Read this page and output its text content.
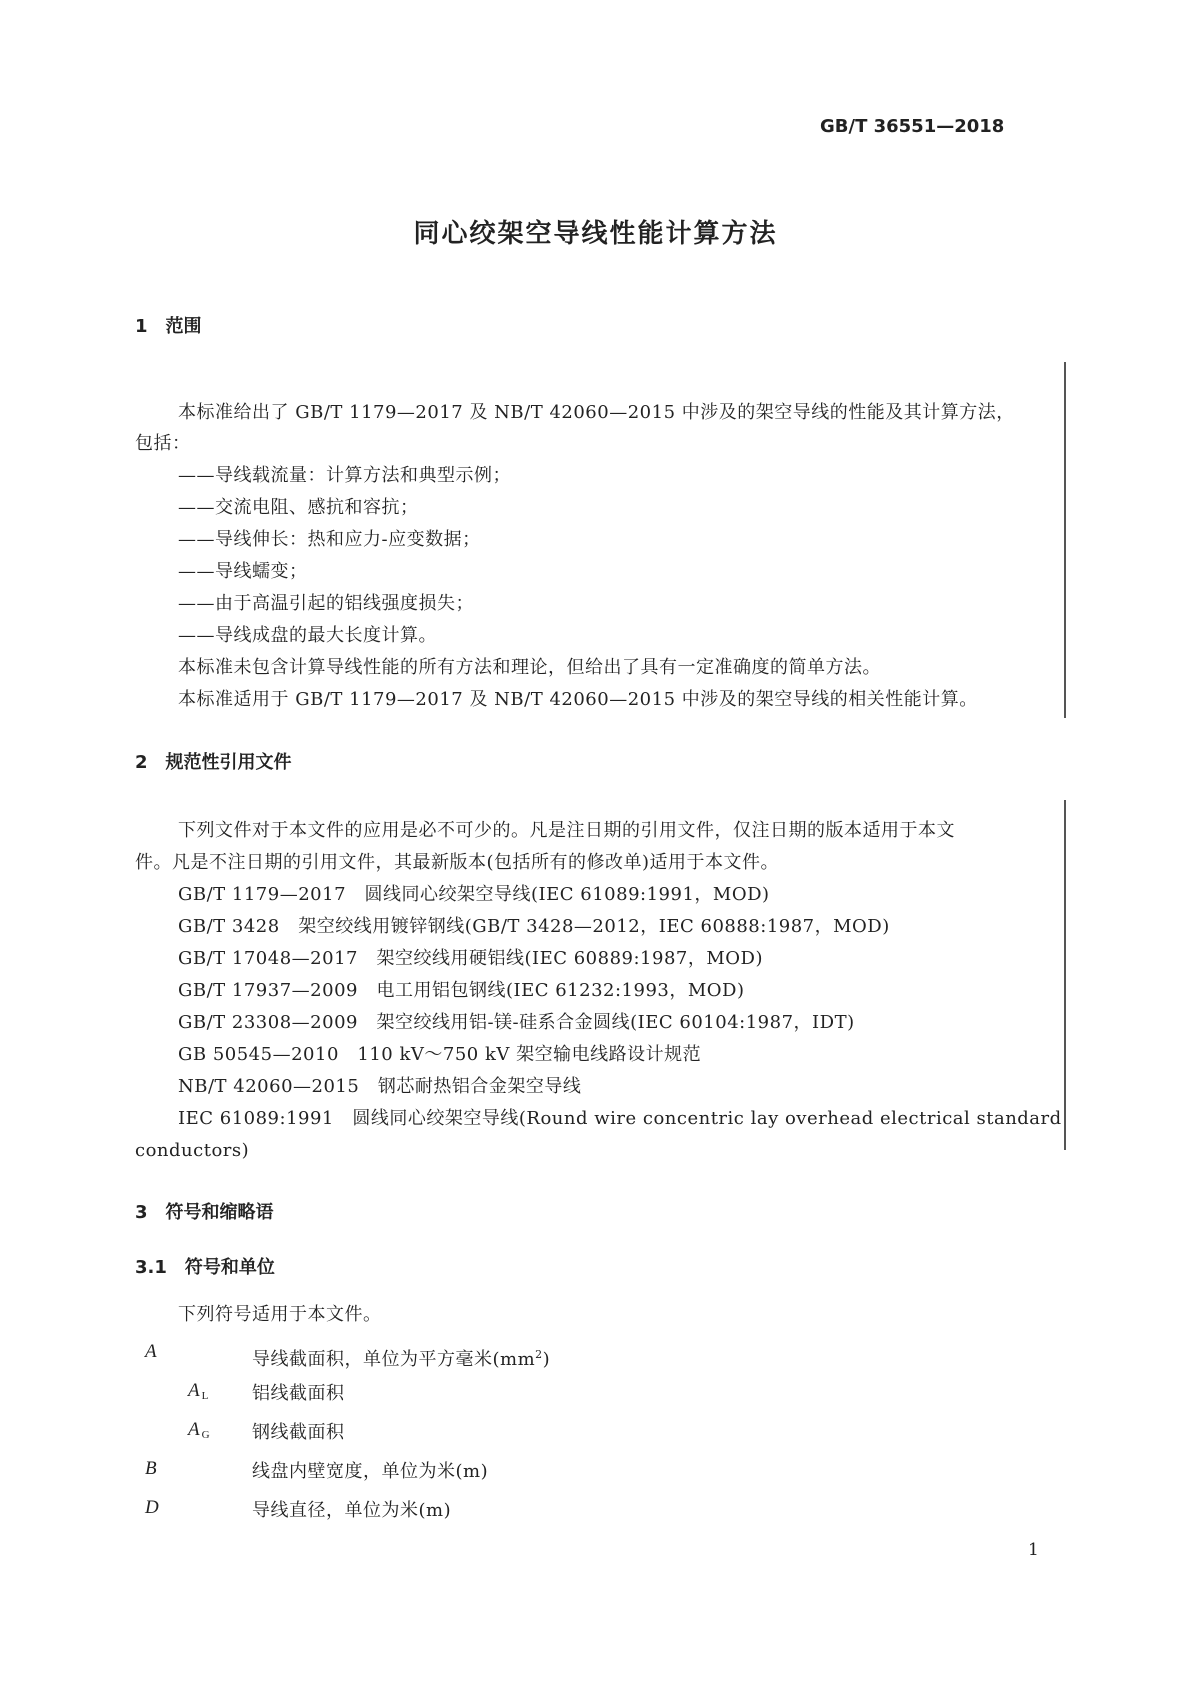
GB/T 36551—2018
同心绞架空导线性能计算方法
1　范围
本标准给出了 GB/T 1179—2017 及 NB/T 42060—2015 中涉及的架空导线的性能及其计算方法，
包括：
——导线载流量：计算方法和典型示例；
——交流电阻、感抗和容抗；
——导线伸长：热和应力-应变数据；
——导线蠕变；
——由于高温引起的铝线强度损失；
——导线成盘的最大长度计算。
本标准未包含计算导线性能的所有方法和理论，但给出了具有一定准确度的简单方法。
本标准适用于 GB/T 1179—2017 及 NB/T 42060—2015 中涉及的架空导线的相关性能计算。
2　规范性引用文件
下列文件对于本文件的应用是必不可少的。凡是注日期的引用文件，仅注日期的版本适用于本文
件。凡是不注日期的引用文件，其最新版本(包括所有的修改单)适用于本文件。
GB/T 1179—2017　圆线同心绞架空导线(IEC 61089:1991，MOD)
GB/T 3428　架空绞线用镀锌钢线(GB/T 3428—2012，IEC 60888:1987，MOD)
GB/T 17048—2017　架空绞线用硬铝线(IEC 60889:1987，MOD)
GB/T 17937—2009　电工用铝包钢线(IEC 61232:1993，MOD)
GB/T 23308—2009　架空绞线用铝-镁-硅系合金圆线(IEC 60104:1987，IDT)
GB 50545—2010　110 kV～750 kV 架空输电线路设计规范
NB/T 42060—2015　钢芯耐热铝合金架空导线
IEC 61089:1991　圆线同心绞架空导线(Round wire concentric lay overhead electrical standard
conductors)
3　符号和缩略语
3.1　符号和单位
下列符号适用于本文件。
A	导线截面积，单位为平方毫米$(mm^2)$
A $_L$ 铝线截面积
A $_G$ 钢线截面积
B	线盘内壁宽度，单位为米(m)
D	导线直径，单位为米(m)
1
